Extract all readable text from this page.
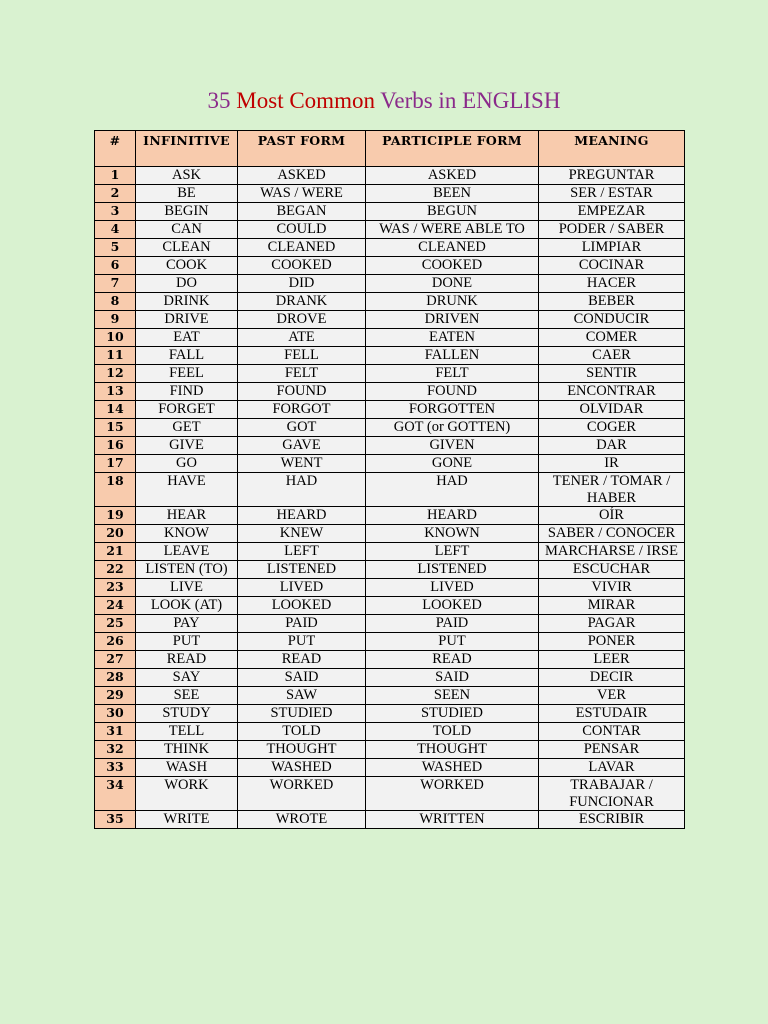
35 Most Common Verbs in ENGLISH
#	INFINITIVE	PAST FORM	PARTICIPLE FORM	MEANING
1	ASK	ASKED	ASKED	PREGUNTAR
2	BE	WAS / WERE	BEEN	SER / ESTAR
3	BEGIN	BEGAN	BEGUN	EMPEZAR
4	CAN	COULD	WAS / WERE ABLE TO	PODER / SABER
5	CLEAN	CLEANED	CLEANED	LIMPIAR
6	COOK	COOKED	COOKED	COCINAR
7	DO	DID	DONE	HACER
8	DRINK	DRANK	DRUNK	BEBER
9	DRIVE	DROVE	DRIVEN	CONDUCIR
10	EAT	ATE	EATEN	COMER
11	FALL	FELL	FALLEN	CAER
12	FEEL	FELT	FELT	SENTIR
13	FIND	FOUND	FOUND	ENCONTRAR
14	FORGET	FORGOT	FORGOTTEN	OLVIDAR
15	GET	GOT	GOT (or GOTTEN)	COGER
16	GIVE	GAVE	GIVEN	DAR
17	GO	WENT	GONE	IR
18	HAVE	HAD	HAD	TENER / TOMAR / HABER
19	HEAR	HEARD	HEARD	OÍR
20	KNOW	KNEW	KNOWN	SABER / CONOCER
21	LEAVE	LEFT	LEFT	MARCHARSE / IRSE
22	LISTEN (TO)	LISTENED	LISTENED	ESCUCHAR
23	LIVE	LIVED	LIVED	VIVIR
24	LOOK (AT)	LOOKED	LOOKED	MIRAR
25	PAY	PAID	PAID	PAGAR
26	PUT	PUT	PUT	PONER
27	READ	READ	READ	LEER
28	SAY	SAID	SAID	DECIR
29	SEE	SAW	SEEN	VER
30	STUDY	STUDIED	STUDIED	ESTUDAIR
31	TELL	TOLD	TOLD	CONTAR
32	THINK	THOUGHT	THOUGHT	PENSAR
33	WASH	WASHED	WASHED	LAVAR
34	WORK	WORKED	WORKED	TRABAJAR / FUNCIONAR
35	WRITE	WROTE	WRITTEN	ESCRIBIR
